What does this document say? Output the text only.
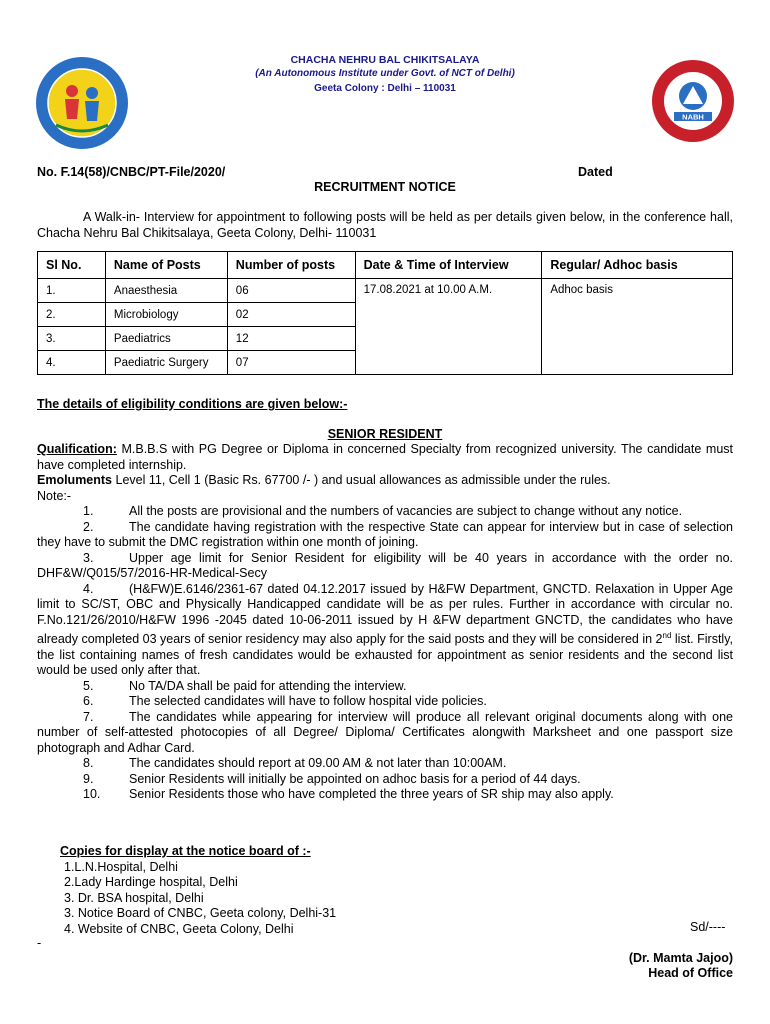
NABH
CHACHA NEHRU BAL CHIKITSALAYA
(An Autonomous Institute under Govt. of NCT of Delhi)
Geeta Colony : Delhi – 110031
No. F.14(58)/CNBC/PT-File/2020/	Dated
RECRUITMENT NOTICE
A Walk-in- Interview for appointment to following posts will be held as per details given below, in the conference hall, Chacha Nehru Bal Chikitsalaya, Geeta Colony, Delhi- 110031
Sl No.	Name of Posts	Number of posts	Date & Time of Interview	Regular/ Adhoc basis
1.	Anaesthesia	06	17.08.2021 at 10.00 A.M.	Adhoc basis
2.	Microbiology	02		
3.	Paediatrics	12		
4.	Paediatric Surgery	07		
The details of eligibility conditions are given below:-
SENIOR RESIDENT

Qualification: M.B.B.S with PG Degree or Diploma in concerned Specialty from recognized university. The candidate must have completed internship.

Emoluments Level 11, Cell 1 (Basic Rs. 67700 /- ) and usual allowances as admissible under the rules.

Note:-

1.	All the posts are provisional and the numbers of vacancies are subject to change without any notice.

2.	The candidate having registration with the respective State can appear for interview but in case of selection they have to submit the DMC registration within one month of joining.

3.	Upper age limit for Senior Resident for eligibility will be 40 years in accordance with the order no. DHF&W/Q015/57/2016-HR-Medical-Secy

4.	(H&FW)E.6146/2361-67 dated 04.12.2017 issued by H&FW Department, GNCTD. Relaxation in Upper Age limit to SC/ST, OBC and Physically Handicapped candidate will be as per rules. Further in accordance with circular no. F.No.121/26/2010/H&FW 1996 -2045 dated 10-06-2011 issued by H &FW department GNCTD, the candidates who have already completed 03 years of senior residency may also apply for the said posts and they will be considered in 2nd list. Firstly, the list containing names of fresh candidates would be exhausted for appointment as senior residents and the second list would be used only after that.

5.	No TA/DA shall be paid for attending the interview.

6.	The selected candidates will have to follow hospital vide policies.

7.	The candidates while appearing for interview will produce all relevant original documents along with one number of self-attested photocopies of all Degree/ Diploma/ Certificates alongwith Marksheet and one passport size photograph and Adhar Card.

8.	The candidates should report at 09.00 AM & not later than 10:00AM.

9.	Senior Residents will initially be appointed on adhoc basis for a period of 44 days.

10. Senior Residents those who have completed the three years of SR ship may also apply.

Copies for display at the notice board of :-
1.L.N.Hospital, Delhi
2.Lady Hardinge hospital, Delhi
3. Dr. BSA hospital, Delhi
3. Notice Board of CNBC, Geeta colony, Delhi-31
4. Website of CNBC, Geeta Colony, Delhi	Sd/----
-
(Dr. Mamta Jajoo)
Head of Office
